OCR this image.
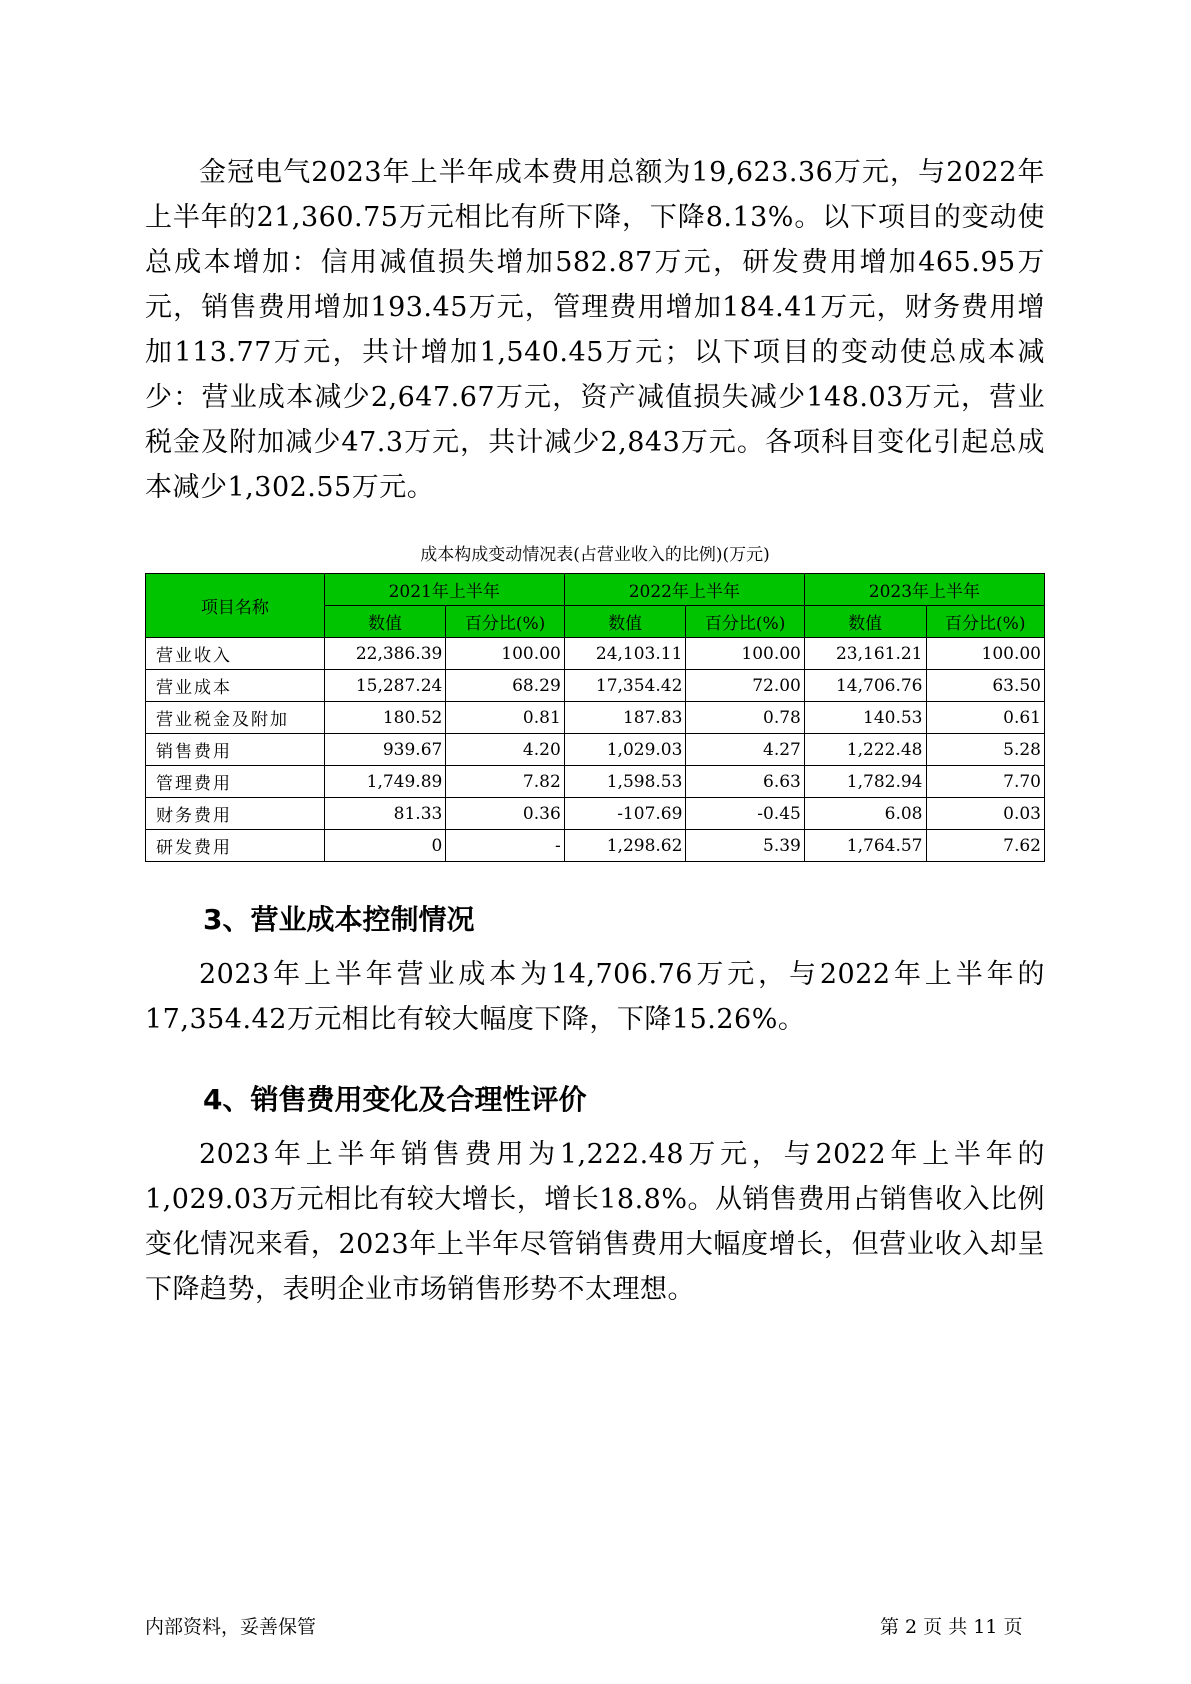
金冠电气2023年上半年成本费用总额为19,623.36万元，与2022年上半年的21,360.75万元相比有所下降，下降8.13%。以下项目的变动使总成本增加：信用减值损失增加582.87万元，研发费用增加465.95万元，销售费用增加193.45万元，管理费用增加184.41万元，财务费用增加113.77万元，共计增加1,540.45万元；以下项目的变动使总成本减少：营业成本减少2,647.67万元，资产减值损失减少148.03万元，营业税金及附加减少47.3万元，共计减少2,843万元。各项科目变化引起总成本减少1,302.55万元。

成本构成变动情况表(占营业收入的比例)(万元)
项目名称	2021年上半年		2022年上半年		2023年上半年	
	数值	百分比(%)	数值	百分比(%)	数值	百分比(%)
营业收入	22,386.39	100.00	24,103.11	100.00	23,161.21	100.00
营业成本	15,287.24	68.29	17,354.42	72.00	14,706.76	63.50
营业税金及附加	180.52	0.81	187.83	0.78	140.53	0.61
销售费用	939.67	4.20	1,029.03	4.27	1,222.48	5.28
管理费用	1,749.89	7.82	1,598.53	6.63	1,782.94	7.70
财务费用	81.33	0.36	-107.69	-0.45	6.08	0.03
研发费用	0	-	1,298.62	5.39	1,764.57	7.62
3、营业成本控制情况

2023年上半年营业成本为14,706.76万元，与2022年上半年的17,354.42万元相比有较大幅度下降，下降15.26%。

4、销售费用变化及合理性评价

2023年上半年销售费用为1,222.48万元，与2022年上半年的1,029.03万元相比有较大增长，增长18.8%。从销售费用占销售收入比例变化情况来看，2023年上半年尽管销售费用大幅度增长，但营业收入却呈下降趋势，表明企业市场销售形势不太理想。

内部资料，妥善保管	第 2 页 共 11 页
